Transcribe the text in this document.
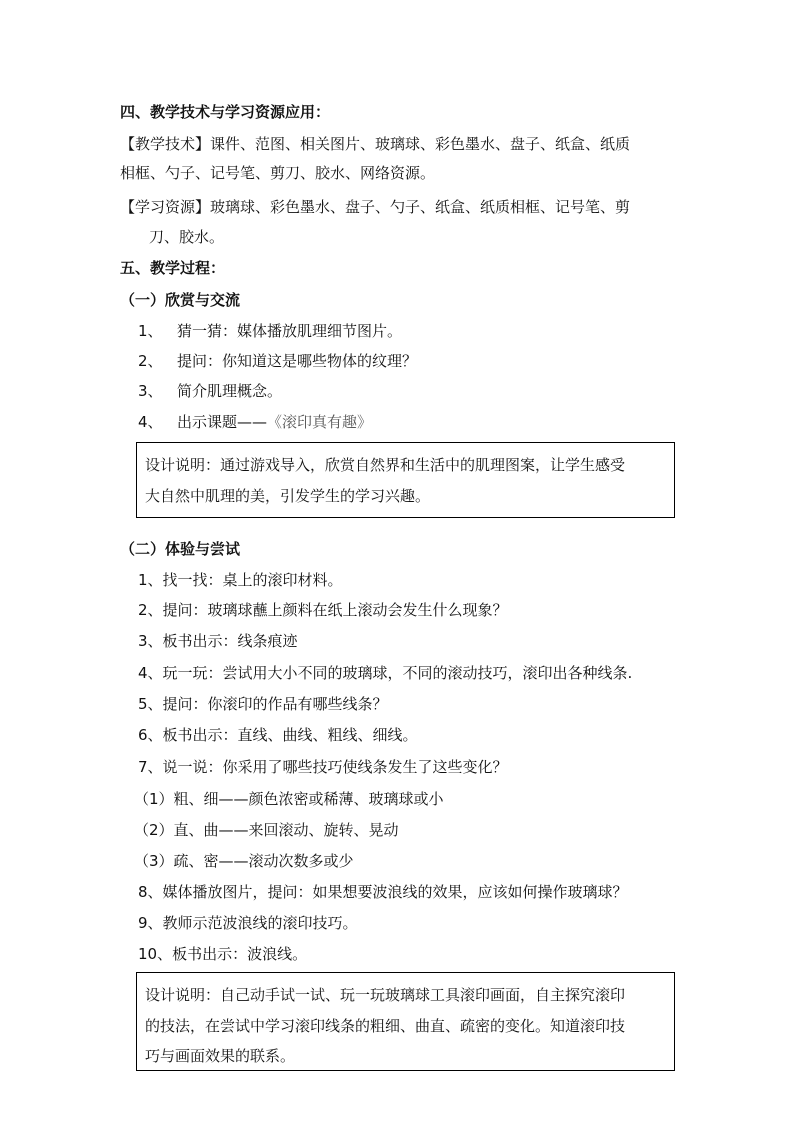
四、教学技术与学习资源应用：
【教学技术】课件、范图、相关图片、玻璃球、彩色墨水、盘子、纸盒、纸质
相框、勺子、记号笔、剪刀、胶水、网络资源。
【学习资源】玻璃球、彩色墨水、盘子、勺子、纸盒、纸质相框、记号笔、剪
刀、胶水。
五、教学过程：
（一）欣赏与交流
1、 猜一猜：媒体播放肌理细节图片。
2、 提问：你知道这是哪些物体的纹理？
3、 简介肌理概念。
4、 出示课题——《滚印真有趣》
设计说明：通过游戏导入，欣赏自然界和生活中的肌理图案，让学生感受
大自然中肌理的美，引发学生的学习兴趣。
（二）体验与尝试
1、找一找：桌上的滚印材料。
2、提问：玻璃球蘸上颜料在纸上滚动会发生什么现象？
3、板书出示：线条痕迹
4、玩一玩：尝试用大小不同的玻璃球，不同的滚动技巧，滚印出各种线条.
5、提问：你滚印的作品有哪些线条？
6、板书出示：直线、曲线、粗线、细线。
7、说一说：你采用了哪些技巧使线条发生了这些变化？
（1）粗、细——颜色浓密或稀薄、玻璃球或小
（2）直、曲——来回滚动、旋转、晃动
（3）疏、密——滚动次数多或少
8、媒体播放图片，提问：如果想要波浪线的效果，应该如何操作玻璃球？
9、教师示范波浪线的滚印技巧。
10、板书出示：波浪线。
设计说明：自己动手试一试、玩一玩玻璃球工具滚印画面，自主探究滚印
的技法，在尝试中学习滚印线条的粗细、曲直、疏密的变化。知道滚印技
巧与画面效果的联系。
